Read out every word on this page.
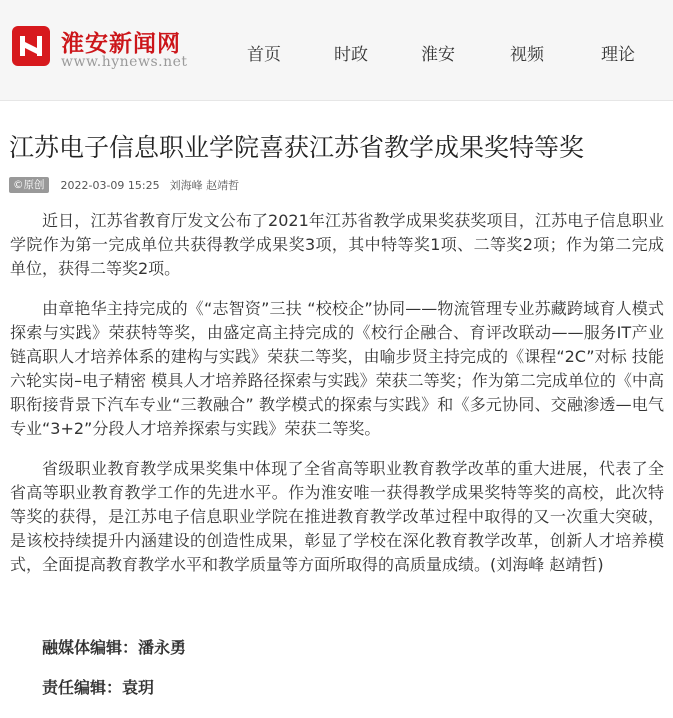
淮安新闻网
www.hynews.net	首页	时政	淮安	视频	理论
江苏电子信息职业学院喜获江苏省教学成果奖特等奖
©原创	2022-03-09 15:25 刘海峰 赵靖哲

近日，江苏省教育厅发文公布了2021年江苏省教学成果奖获奖项目，江苏电子信息职业学院作为第一完成单位共获得教学成果奖3项，其中特等奖1项、二等奖2项；作为第二完成单位，获得二等奖2项。

由章艳华主持完成的《“志智资”三扶 “校校企”协同——物流管理专业苏藏跨域育人模式探索与实践》荣获特等奖，由盛定高主持完成的《校行企融合、育评改联动——服务IT产业 链高职人才培养体系的建构与实践》荣获二等奖，由喻步贤主持完成的《课程“2C”对标 技能六轮实岗–电子精密 模具人才培养路径探索与实践》荣获二等奖；作为第二完成单位的《中高职衔接背景下汽车专业“三教融合” 教学模式的探索与实践》和《多元协同、交融渗透—电气专业“3+2”分段人才培养探索与实践》荣获二等奖。

省级职业教育教学成果奖集中体现了全省高等职业教育教学改革的重大进展，代表了全省高等职业教育教学工作的先进水平。作为淮安唯一获得教学成果奖特等奖的高校，此次特等奖的获得，是江苏电子信息职业学院在推进教育教学改革过程中取得的又一次重大突破，是该校持续提升内涵建设的创造性成果，彰显了学校在深化教育教学改革，创新人才培养模式，全面提高教育教学水平和教学质量等方面所取得的高质量成绩。(刘海峰 赵靖哲)

融媒体编辑：潘永勇
责任编辑：袁玥
